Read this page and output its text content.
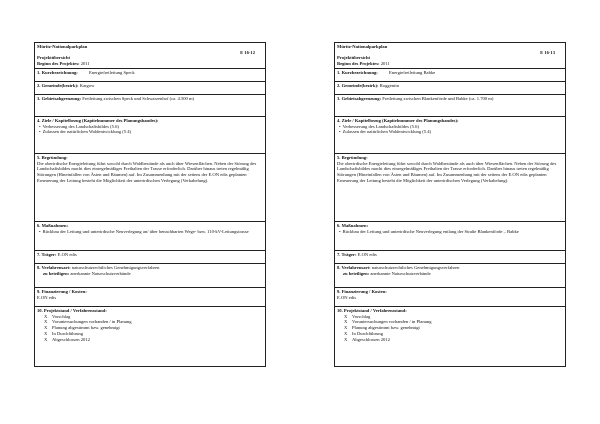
Müritz-Nationalparkplan
E 16-12
Projektübersicht
Beginn des Projektes: 2011
1. Kurzbezeichnung: Energiefreileitung Speck
2. Gemeinde(bezirk): Kargow
3. Gebietsabgrenzung: Freileitung zwischen Speck und Schwarzenhof (ca. 4.500 m)
4. Ziele / Kapitelbezug (Kapitelnummer des Planungsbandes):
• Verbesserung des Landschaftsbildes (5.6)
• Zulassen der natürlichen Waldentwicklung (5.4)
5. Begründung:
Die oberirdische Energieleitung führt sowohl durch Waldbestände als auch über Wiesenflächen. Neben der Störung des Landschaftsbildes macht dies einregelmäßiges Freihalten der Trasse erforderlich. Darüber hinaus treten regelmäßig Störungen (Hineinfallen von Ästen und Bäumen) auf. Im Zusammenhang mit der seitens der E.ON edis geplanten Erneuerung der Leitung besteht die Möglichkeit der unterirdischen Verlegung (Verkabelung).
6. Maßnahmen:
• Rückbau der Leitung und unterirdische Neuverlegung an/ über benachbarten Wege- bzw. 110-kV-Leitungstrasse
7. Träger: E.ON edis
8. Verfahrensart: naturschutzrechtliches Genehmigungsverfahren
zu beteiligen: anerkannte Naturschutzverbände
9. Finanzierung / Kosten:
E.ON edis
10. Projektstand / Verfahrensstand:
X Vorschlag
X Voruntersuchungen vorhanden / in Planung
X Planung abgestimmt bzw. genehmigt
X In Durchführung
X Abgeschlossen 2012
Müritz-Nationalparkplan
E 16-13
Projektübersicht
Beginn des Projektes: 2011
1. Kurzbezeichnung: Energiefreileitung Babke
2. Gemeinde(bezirk): Roggentin
3. Gebietsabgrenzung: Freileitung zwischen Blankenförde und Babke (ca. 1.700 m)
4. Ziele / Kapitelbezug (Kapitelnummer des Planungsbandes):
• Verbesserung des Landschaftsbildes (5.6)
• Zulassen der natürlichen Waldentwicklung (5.4)
5. Begründung:
Die oberirdische Energieleitung führt sowohl durch Waldbestände als auch über Wiesenflächen. Neben der Störung des Landschaftsbildes macht dies einregelmäßiges Freihalten der Trasse erforderlich. Darüber hinaus treten regelmäßig Störungen (Hineinfallen von Ästen und Bäumen) auf. Im Zusammenhang mit der seitens der E.ON edis geplanten Erneuerung der Leitung besteht die Möglichkeit der unterirdischen Verlegung (Verkabelung).
6. Maßnahmen:
• Rückbau der Leitung und unterirdische Neuverlegung entlang der Straße Blankenförde – Babke
7. Träger: E.ON edis
8. Verfahrensart: naturschutzrechtliches Genehmigungsverfahren
zu beteiligen: anerkannte Naturschutzverbände
9. Finanzierung / Kosten:
E.ON edis
10. Projektstand / Verfahrensstand:
X Vorschlag
X Voruntersuchungen vorhanden / in Planung
X Planung abgestimmt bzw. genehmigt
X In Durchführung
X Abgeschlossen 2012
